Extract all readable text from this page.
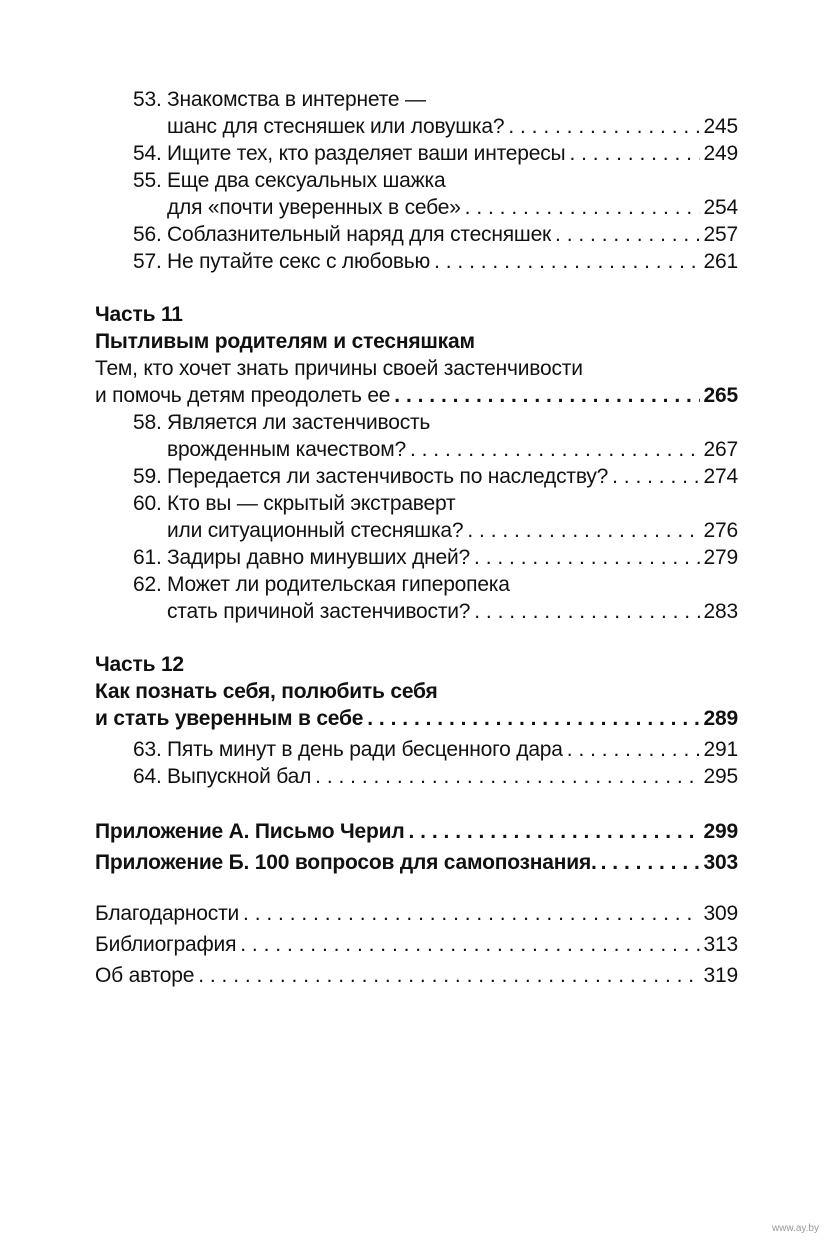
53. Знакомства в интернете —
шанс для стесняшек или ловушка? . . .	245
54. Ищите тех, кто разделяет ваши интересы . . .	249
55. Еще два сексуальных шажка
для «почти уверенных в себе» . . .	254
56. Соблазнительный наряд для стесняшек . . .	257
57. Не путайте секс с любовью . . .	261
Часть 11
Пытливым родителям и стесняшкам
Тем, кто хочет знать причины своей застенчивости
и помочь детям преодолеть ее . . .	265
58. Является ли застенчивость
врожденным качеством? . . .	267
59. Передается ли застенчивость по наследству? . . .	274
60. Кто вы — скрытый экстраверт
или ситуационный стесняшка? . . .	276
61. Задиры давно минувших дней? . . .	279
62. Может ли родительская гиперопека
стать причиной застенчивости? . . .	283
Часть 12
Как познать себя, полюбить себя
и стать уверенным в себе . . .	289
63. Пять минут в день ради бесценного дара . . .	291
64. Выпускной бал . . .	295
Приложение А. Письмо Черил . . .	299
Приложение Б. 100 вопросов для самопознания. . . .	303
Благодарности . . .	309
Библиография . . .	313
Об авторе . . .	319
www.ay.by
